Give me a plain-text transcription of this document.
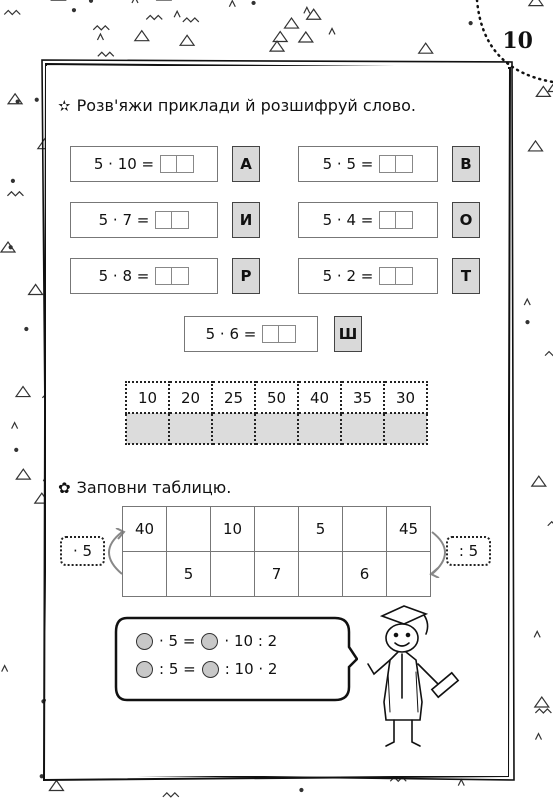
10
✫ Розв'яжи приклади й розшифруй слово.
5 · 10 =	А	5 · 5 =	В
5 · 7 =	И	5 · 4 =	О
5 · 8 =	Р	5 · 2 =	Т
5 · 6 =	Ш
10	20	25	50	40	35	30

✿ Заповни таблицю.
· 5	: 5
40		10		5		45
	5		7		6	
· 5 = · 10 : 2
: 5 = : 10 · 2
